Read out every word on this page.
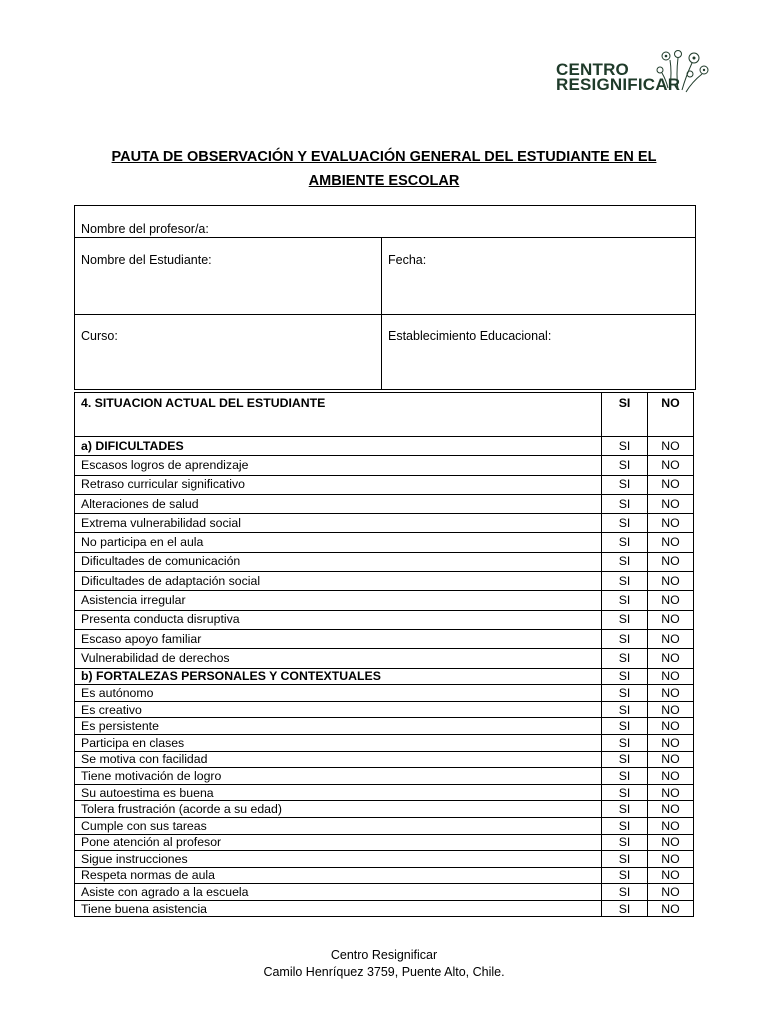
CENTRO
RESIGNIFICAR
PAUTA DE OBSERVACIÓN Y EVALUACIÓN GENERAL DEL ESTUDIANTE EN EL
AMBIENTE ESCOLAR
Nombre del profesor/a:	
Nombre del Estudiante:	Fecha:
Curso:	Establecimiento Educacional:
4. SITUACION ACTUAL DEL ESTUDIANTE	SI	NO
a) DIFICULTADES	SI	NO
Escasos logros de aprendizaje	SI	NO
Retraso curricular significativo	SI	NO
Alteraciones de salud	SI	NO
Extrema vulnerabilidad social	SI	NO
No participa en el aula	SI	NO
Dificultades de comunicación	SI	NO
Dificultades de adaptación social	SI	NO
Asistencia irregular	SI	NO
Presenta conducta disruptiva	SI	NO
Escaso apoyo familiar	SI	NO
Vulnerabilidad de derechos	SI	NO
b) FORTALEZAS PERSONALES Y CONTEXTUALES	SI	NO
Es autónomo	SI	NO
Es creativo	SI	NO
Es persistente	SI	NO
Participa en clases	SI	NO
Se motiva con facilidad	SI	NO
Tiene motivación de logro	SI	NO
Su autoestima es buena	SI	NO
Tolera frustración (acorde a su edad)	SI	NO
Cumple con sus tareas	SI	NO
Pone atención al profesor	SI	NO
Sigue instrucciones	SI	NO
Respeta normas de aula	SI	NO
Asiste con agrado a la escuela	SI	NO
Tiene buena asistencia	SI	NO
Centro Resignificar
Camilo Henríquez 3759, Puente Alto, Chile.
